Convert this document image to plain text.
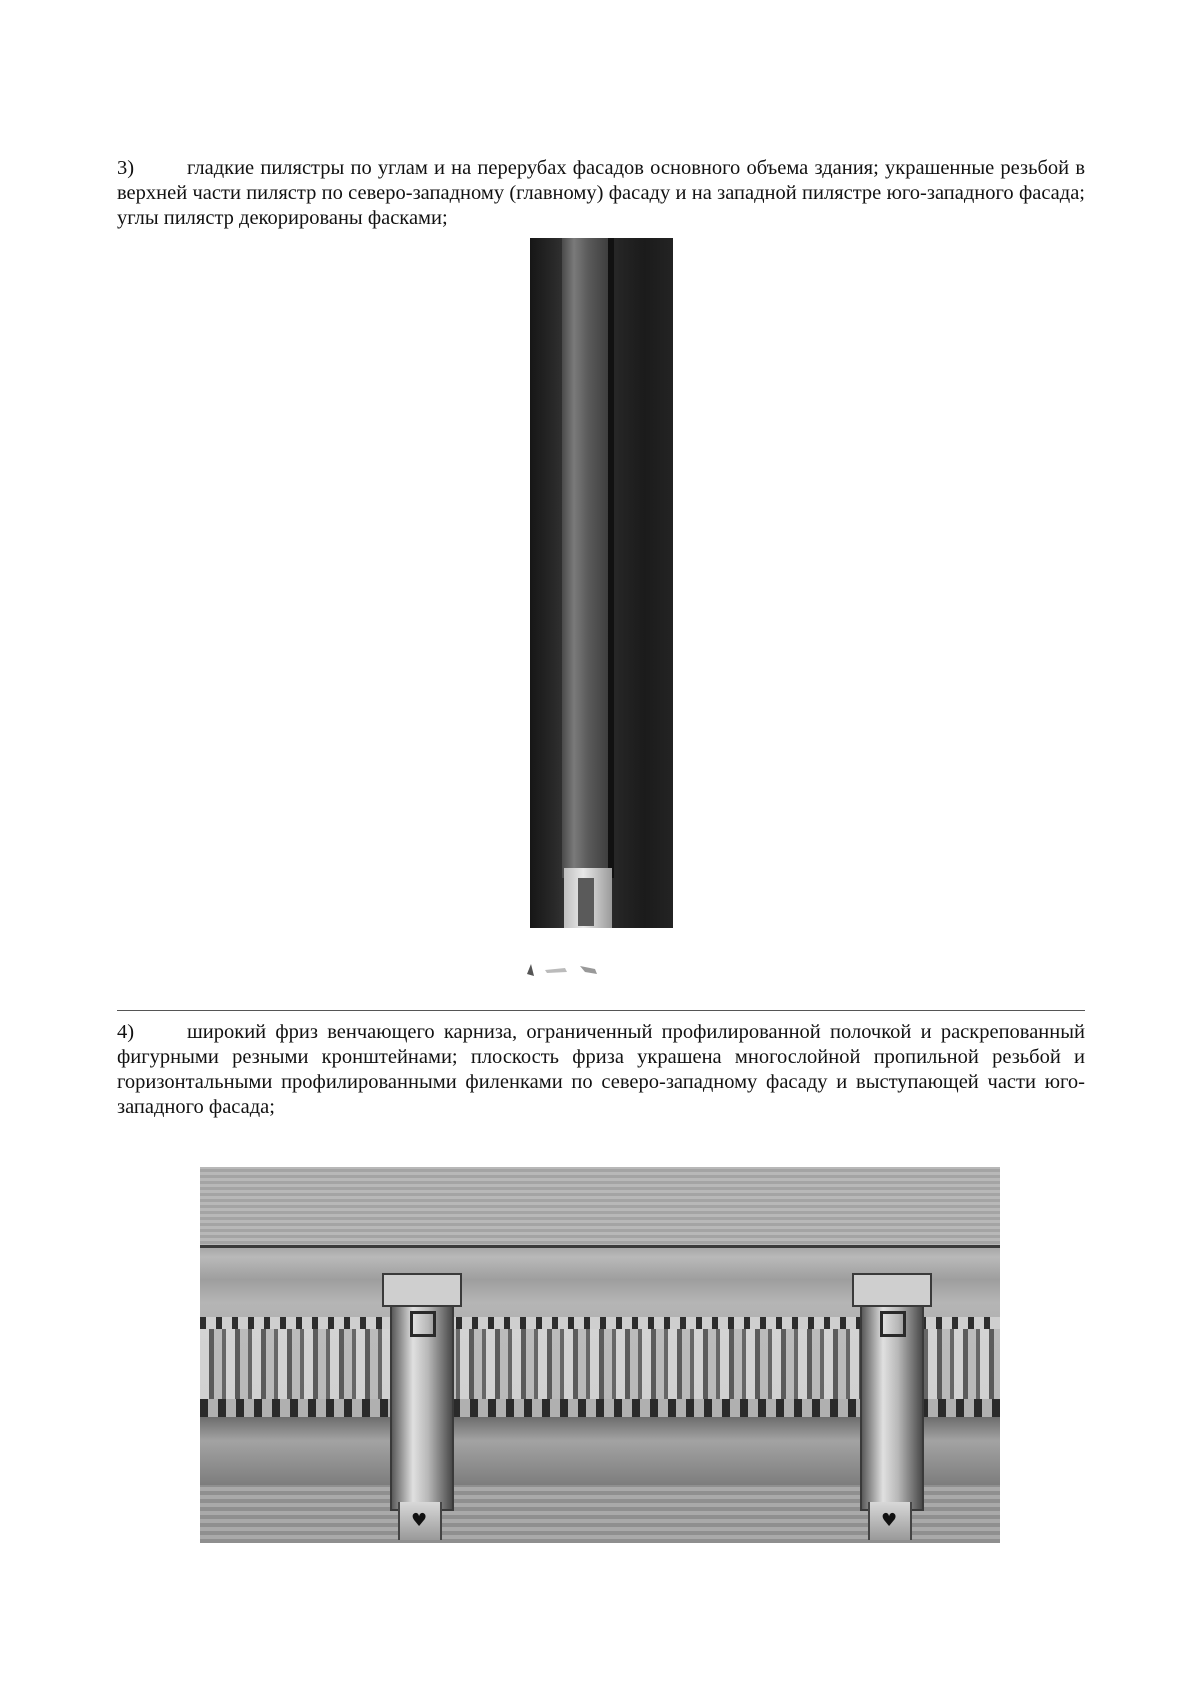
3)	гладкие пилястры по углам и на перерубах фасадов основного объема здания; украшенные резьбой в верхней части пилястр по северо-западному (главному) фасаду и на западной пилястре юго-западного фасада; углы пилястр декорированы фасками;

4)	широкий фриз венчающего карниза, ограниченный профилированной полочкой и раскрепованный фигурными резными кронштейнами; плоскость фриза украшена многослойной пропильной резьбой и горизонтальными профилированными филенками по северо-западному фасаду и выступающей части юго-западного фасада;

♥	♥
